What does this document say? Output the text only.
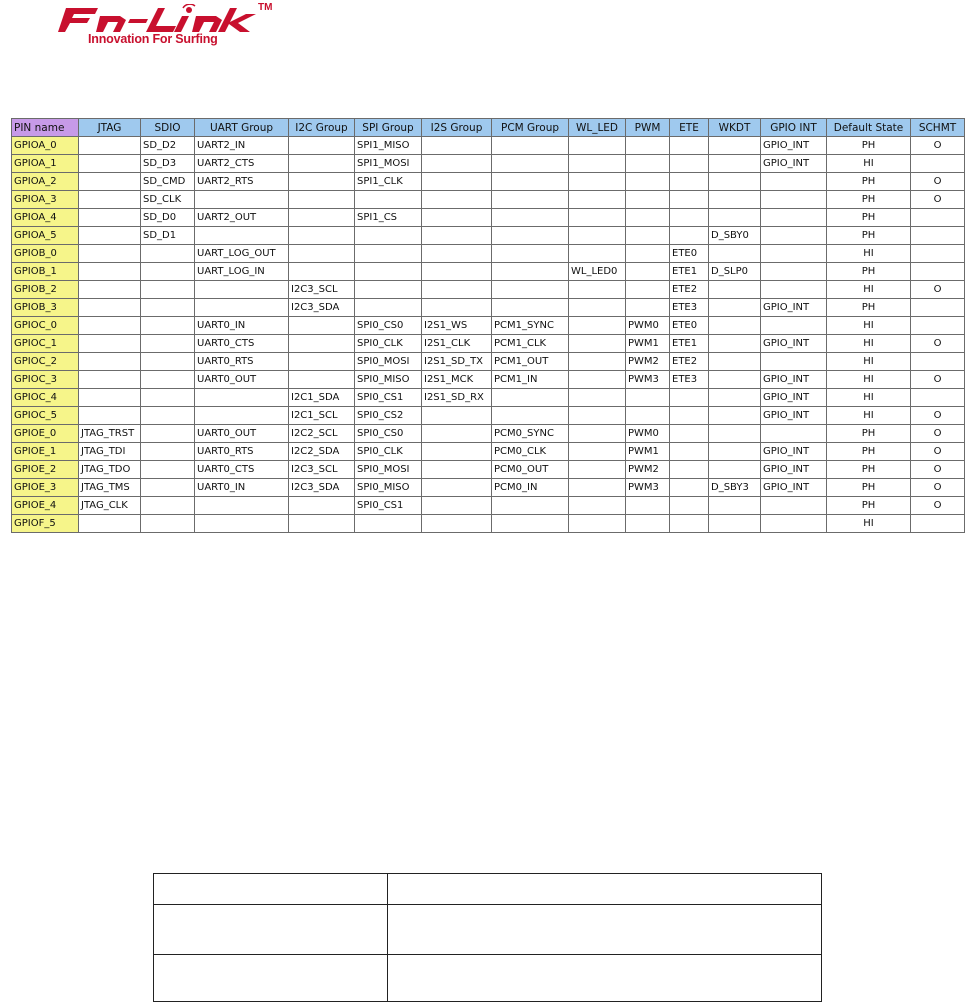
TM
Innovation For Surfing
PIN name	JTAG	SDIO	UART Group	I2C Group	SPI Group	I2S Group	PCM Group	WL_LED	PWM	ETE	WKDT	GPIO INT	Default State	SCHMT
GPIOA_0		SD_D2	UART2_IN		SPI1_MISO							GPIO_INT	PH	O
GPIOA_1		SD_D3	UART2_CTS		SPI1_MOSI							GPIO_INT	HI	
GPIOA_2		SD_CMD	UART2_RTS		SPI1_CLK								PH	O
GPIOA_3		SD_CLK											PH	O
GPIOA_4		SD_D0	UART2_OUT		SPI1_CS								PH	
GPIOA_5		SD_D1									D_SBY0		PH	
GPIOB_0			UART_LOG_OUT							ETE0			HI	
GPIOB_1			UART_LOG_IN					WL_LED0		ETE1	D_SLP0		PH	
GPIOB_2				I2C3_SCL						ETE2			HI	O
GPIOB_3				I2C3_SDA						ETE3		GPIO_INT	PH	
GPIOC_0			UART0_IN		SPI0_CS0	I2S1_WS	PCM1_SYNC		PWM0	ETE0			HI	
GPIOC_1			UART0_CTS		SPI0_CLK	I2S1_CLK	PCM1_CLK		PWM1	ETE1		GPIO_INT	HI	O
GPIOC_2			UART0_RTS		SPI0_MOSI	I2S1_SD_TX	PCM1_OUT		PWM2	ETE2			HI	
GPIOC_3			UART0_OUT		SPI0_MISO	I2S1_MCK	PCM1_IN		PWM3	ETE3		GPIO_INT	HI	O
GPIOC_4				I2C1_SDA	SPI0_CS1	I2S1_SD_RX						GPIO_INT	HI	
GPIOC_5				I2C1_SCL	SPI0_CS2							GPIO_INT	HI	O
GPIOE_0	JTAG_TRST		UART0_OUT	I2C2_SCL	SPI0_CS0		PCM0_SYNC		PWM0				PH	O
GPIOE_1	JTAG_TDI		UART0_RTS	I2C2_SDA	SPI0_CLK		PCM0_CLK		PWM1			GPIO_INT	PH	O
GPIOE_2	JTAG_TDO		UART0_CTS	I2C3_SCL	SPI0_MOSI		PCM0_OUT		PWM2			GPIO_INT	PH	O
GPIOE_3	JTAG_TMS		UART0_IN	I2C3_SDA	SPI0_MISO		PCM0_IN		PWM3		D_SBY3	GPIO_INT	PH	O
GPIOE_4	JTAG_CLK				SPI0_CS1								PH	O
GPIOF_5													HI	
